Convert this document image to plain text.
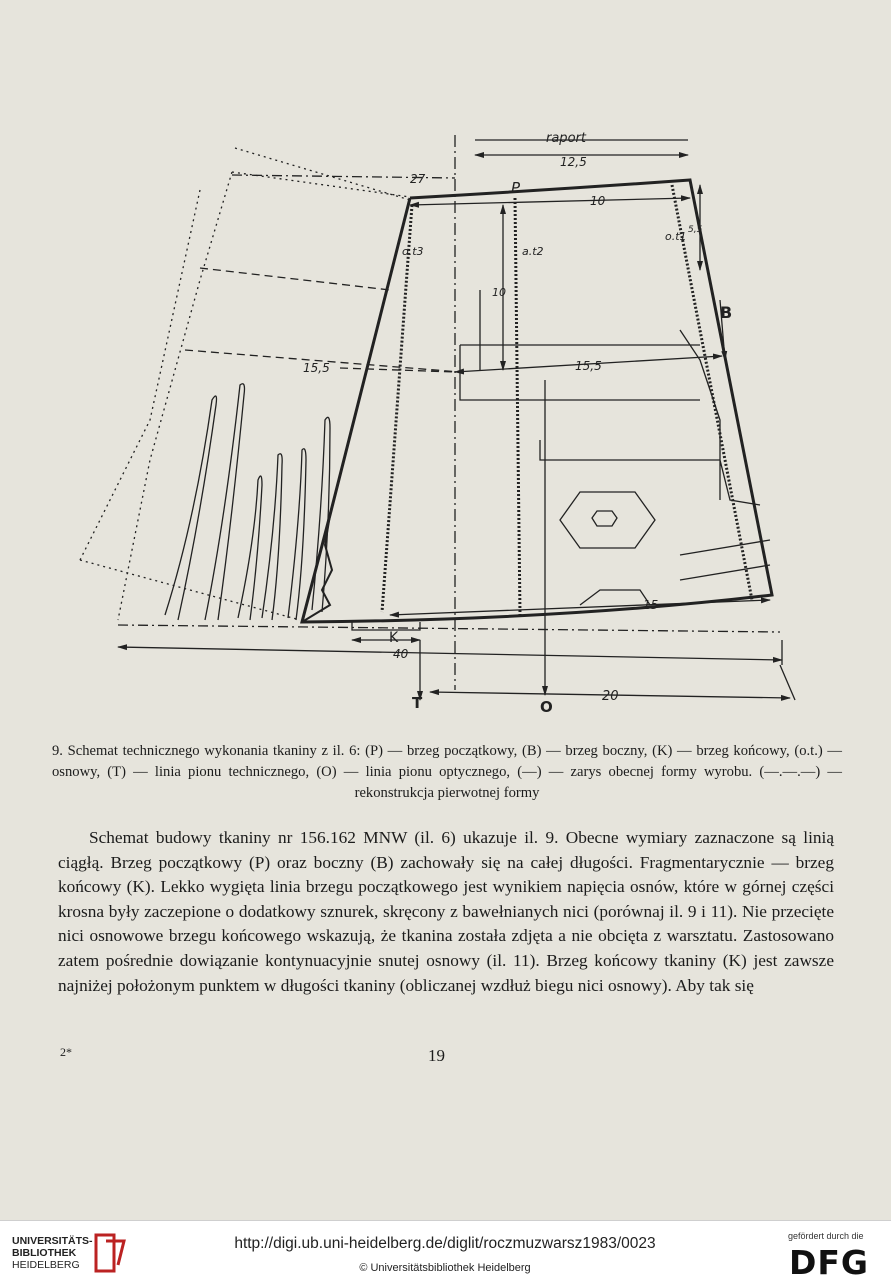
raport
12,5
27	P
10
o.t3	a.t2
o.t1 5,5
B
10
15,5	15,5
15
K
40
T	O
20
9. Schemat technicznego wykonania tkaniny z il. 6: (P) — brzeg początkowy, (B) — brzeg boczny, (K) — brzeg końcowy, (o.t.) — osnowy, (T) — linia pionu technicznego, (O) — linia pionu optycznego, (—) — zarys obecnej formy wyrobu. (—.—.—) — rekonstrukcja pierwotnej formy

Schemat budowy tkaniny nr 156.162 MNW (il. 6) ukazuje il. 9. Obecne wymiary zaznaczone są linią ciągłą. Brzeg początkowy (P) oraz boczny (B) zachowały się na całej długości. Fragmentarycznie — brzeg końcowy (K). Lekko wygięta linia brzegu początkowego jest wynikiem napięcia osnów, które w górnej części krosna były zaczepione o dodatkowy sznurek, skręcony z bawełnianych nici (porównaj il. 9 i 11). Nie przecięte nici osnowowe brzegu końcowego wskazują, że tkanina została zdjęta a nie obcięta z warsztatu. Zastosowano zatem pośrednie dowiązanie kontynuacyjnie snutej osnowy (il. 11). Brzeg końcowy tkaniny (K) jest zawsze najniżej położonym punktem w długości tkaniny (obliczanej wzdłuż biegu nici osnowy). Aby tak się

2*	19
UNIVERSITÄTS-
BIBLIOTHEK
HEIDELBERG
http://digi.ub.uni-heidelberg.de/diglit/roczmuzwarsz1983/0023
© Universitätsbibliothek Heidelberg
gefördert durch die
DFG
